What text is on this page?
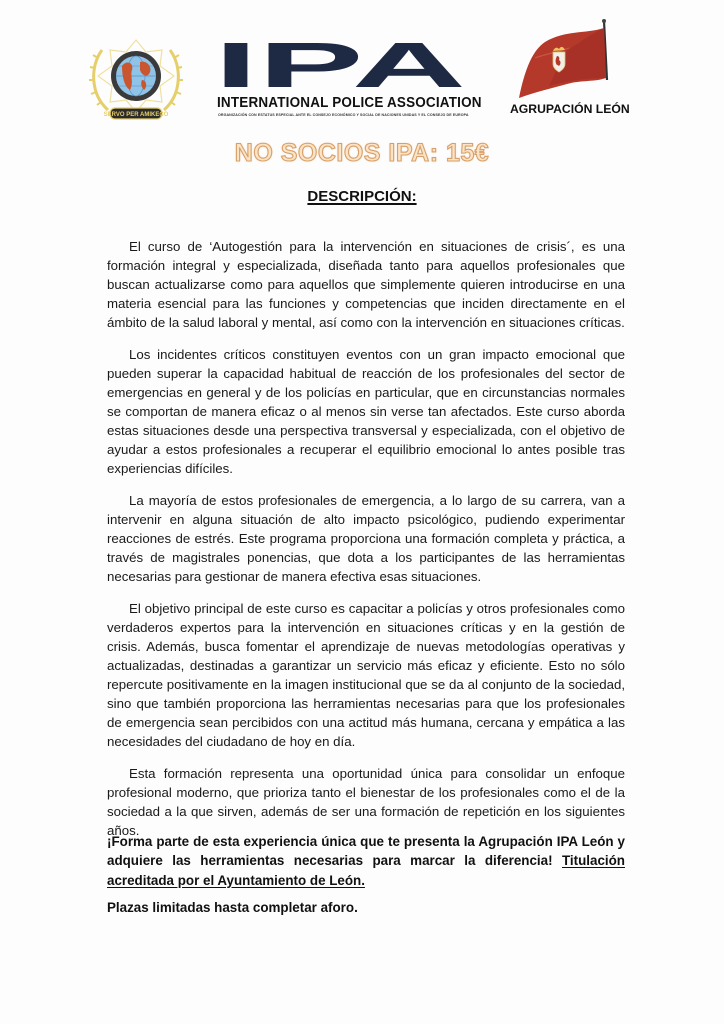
SERVO PER AMIKECO
IPA
INTERNATIONAL POLICE ASSOCIATION
ORGANIZACIÓN CON ESTATUS ESPECIAL ANTE EL CONSEJO ECONÓMICO Y SOCIAL DE NACIONES UNIDAS Y EL CONSEJO DE EUROPA	AGRUPACIÓN LEÓN
NO SOCIOS IPA: 15€
DESCRIPCIÓN:

El curso de ‘Autogestión para la intervención en situaciones de crisis´, es una formación integral y especializada, diseñada tanto para aquellos profesionales que buscan actualizarse como para aquellos que simplemente quieren introducirse en una materia esencial para las funciones y competencias que inciden directamente en el ámbito de la salud laboral y mental, así como con la intervención en situaciones críticas.

Los incidentes críticos constituyen eventos con un gran impacto emocional que pueden superar la capacidad habitual de reacción de los profesionales del sector de emergencias en general y de los policías en particular, que en circunstancias normales se comportan de manera eficaz o al menos sin verse tan afectados. Este curso aborda estas situaciones desde una perspectiva transversal y especializada, con el objetivo de ayudar a estos profesionales a recuperar el equilibrio emocional lo antes posible tras experiencias difíciles.

La mayoría de estos profesionales de emergencia, a lo largo de su carrera, van a intervenir en alguna situación de alto impacto psicológico, pudiendo experimentar reacciones de estrés. Este programa proporciona una formación completa y práctica, a través de magistrales ponencias, que dota a los participantes de las herramientas necesarias para gestionar de manera efectiva esas situaciones.

El objetivo principal de este curso es capacitar a policías y otros profesionales como verdaderos expertos para la intervención en situaciones críticas y en la gestión de crisis. Además, busca fomentar el aprendizaje de nuevas metodologías operativas y actualizadas, destinadas a garantizar un servicio más eficaz y eficiente. Esto no sólo repercute positivamente en la imagen institucional que se da al conjunto de la sociedad, sino que también proporciona las herramientas necesarias para que los profesionales de emergencia sean percibidos con una actitud más humana, cercana y empática a las necesidades del ciudadano de hoy en día.

Esta formación representa una oportunidad única para consolidar un enfoque profesional moderno, que prioriza tanto el bienestar de los profesionales como el de la sociedad a la que sirven, además de ser una formación de repetición en los siguientes años.

¡Forma parte de esta experiencia única que te presenta la Agrupación IPA León y adquiere las herramientas necesarias para marcar la diferencia! Titulación acreditada por el Ayuntamiento de León.

Plazas limitadas hasta completar aforo.
